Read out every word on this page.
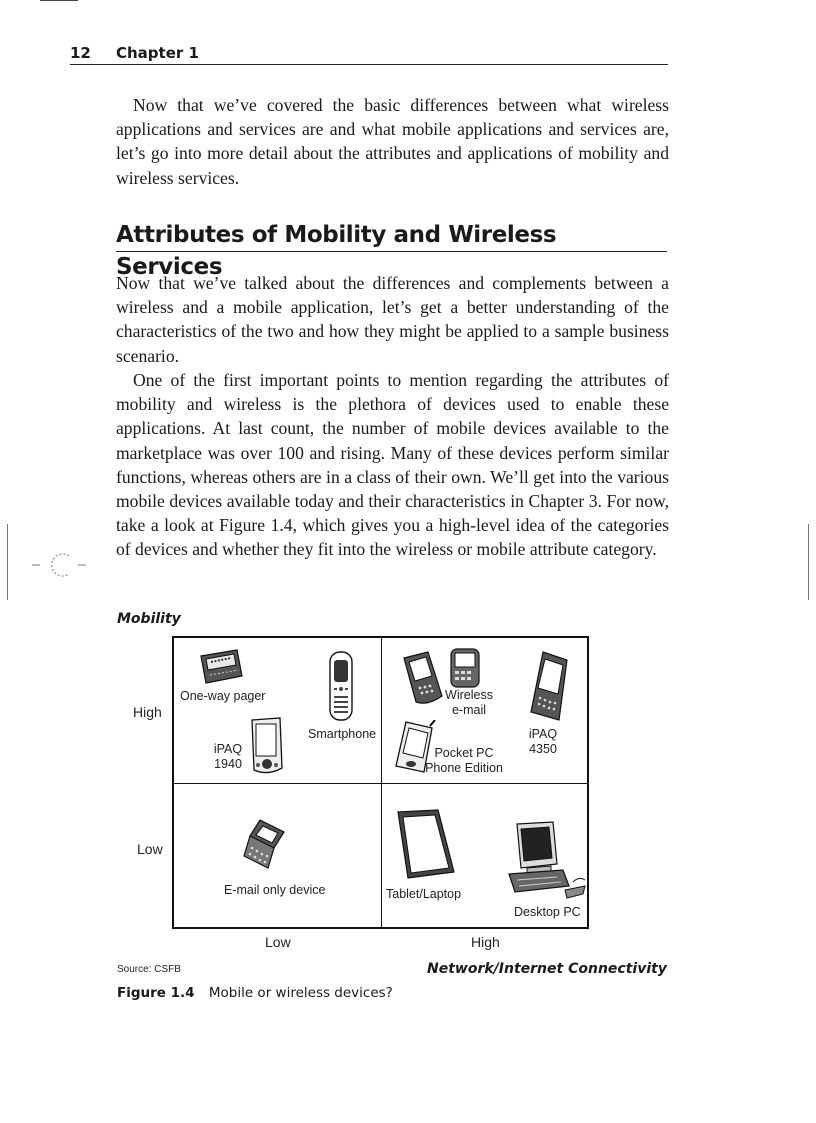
12 Chapter 1

Now that we’ve covered the basic differences between what wireless applications and services are and what mobile applications and services are, let’s go into more detail about the attributes and applications of mobility and wireless services.

Attributes of Mobility and Wireless Services

Now that we’ve talked about the differences and complements between a wireless and a mobile application, let’s get a better understanding of the characteristics of the two and how they might be applied to a sample business scenario.

One of the first important points to mention regarding the attributes of mobility and wireless is the plethora of devices used to enable these applications. At last count, the number of mobile devices available to the marketplace was over 100 and rising. Many of these devices perform similar functions, whereas others are in a class of their own. We’ll get into the various mobile devices available today and their characteristics in Chapter 3. For now, take a look at Figure 1.4, which gives you a high-level idea of the categories of devices and whether they fit into the wireless or mobile attribute category.

Mobility
High
Low
Low	High
One-way pager
Smartphone
iPAQ
1940
Wireless
e-mail
iPAQ
4350
Pocket PC
Phone Edition
E-mail only device	Tablet/Laptop
Desktop PC
Network/Internet Connectivity
Source: CSFB
Figure 1.4 Mobile or wireless devices?
